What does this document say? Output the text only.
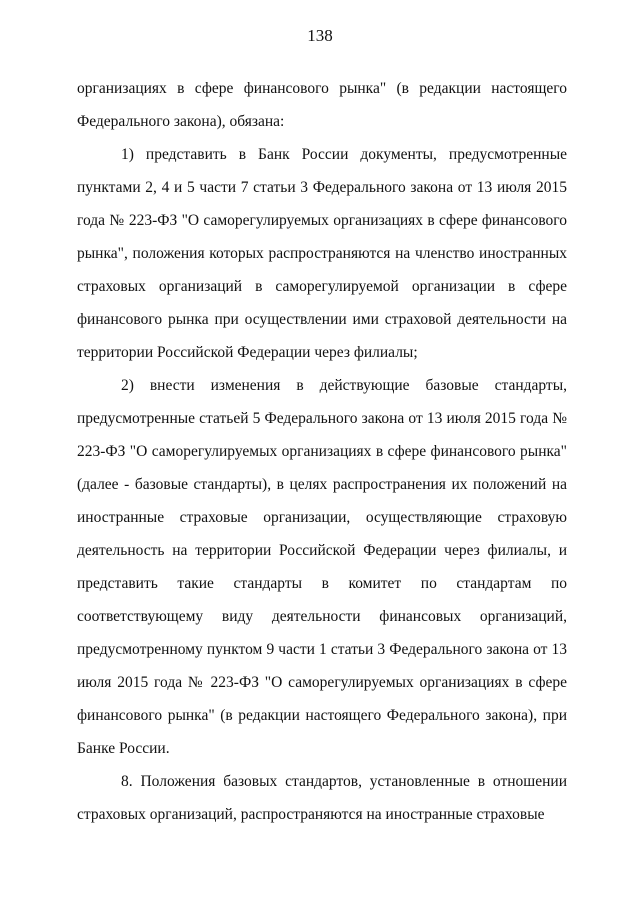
138

организациях в сфере финансового рынка" (в редакции настоящего Федерального закона), обязана:

1) представить в Банк России документы, предусмотренные пунктами 2, 4 и 5 части 7 статьи 3 Федерального закона от 13 июля 2015 года № 223-ФЗ "О саморегулируемых организациях в сфере финансового рынка", положения которых распространяются на членство иностранных страховых организаций в саморегулируемой организации в сфере финансового рынка при осуществлении ими страховой деятельности на территории Российской Федерации через филиалы;

2) внести изменения в действующие базовые стандарты, предусмотренные статьей 5 Федерального закона от 13 июля 2015 года № 223-ФЗ "О саморегулируемых организациях в сфере финансового рынка" (далее - базовые стандарты), в целях распространения их положений на иностранные страховые организации, осуществляющие страховую деятельность на территории Российской Федерации через филиалы, и представить такие стандарты в комитет по стандартам по соответствующему виду деятельности финансовых организаций, предусмотренному пунктом 9 части 1 статьи 3 Федерального закона от 13 июля 2015 года № 223-ФЗ "О саморегулируемых организациях в сфере финансового рынка" (в редакции настоящего Федерального закона), при Банке России.

8. Положения базовых стандартов, установленные в отношении страховых организаций, распространяются на иностранные страховые
